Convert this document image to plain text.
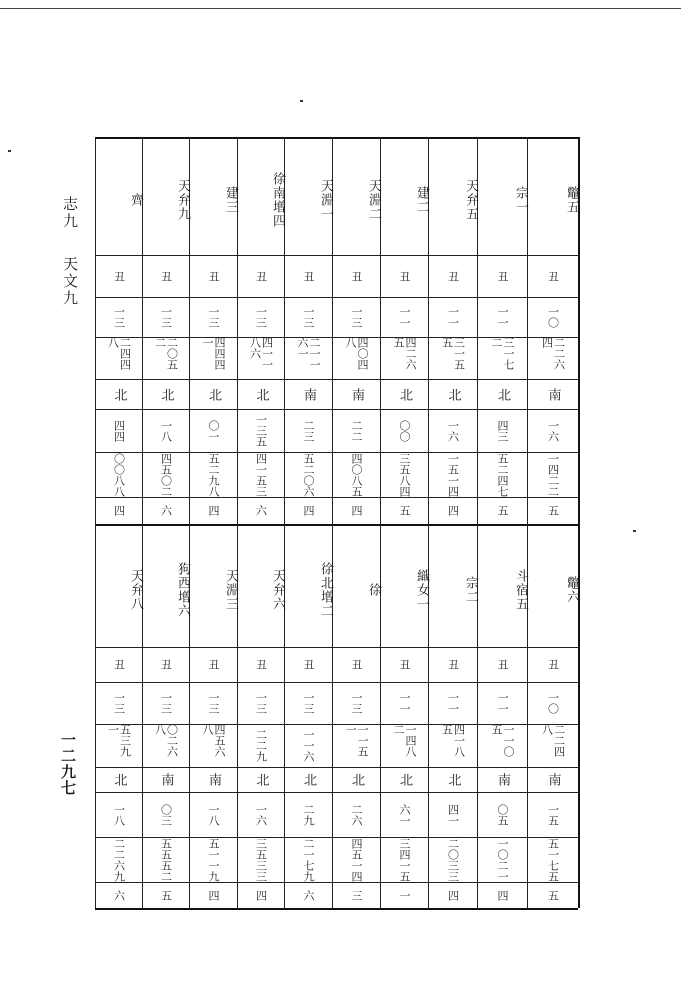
志九
天文九
一二九七
齊	天弁九	建三	徐南增四	天淵一	天淵二	建二	天弁五	宗一	鼈五
丑	丑	丑	丑	丑	丑	丑	丑	丑	丑
一三	一三	一三	一三	一三	一三	一一	一一	一一	一〇
二四四八	二〇五二	四四四一	四一一八六	二一一六一	四〇四八	四二六五	三一五五	三一七二	二二六四
北	北	北	北	南	南	北	北	北	南
四四	一八	〇一	一三五	二三	二二	〇〇	一六	四三	一六
〇〇八八	四五〇二	五二九八	四一五三	五二〇六	四〇八五	三五八四	一五一四	五二四七	一四二二
四	六	四	六	四	四	五	四	五	五
天弁八	狗西增六	天淵三	天弁六	徐北增二	徐	織女一	宗二	斗宿五	鼈六
丑	丑	丑	丑	丑	丑	丑	丑	丑	丑
一三	一三	一三	一三	一三	一三	一一	一一	一一	一〇
五三九一	〇二六八	四五六八	二二九	一一六	一一五一	一四八二	四一八五	一一〇五	二二四八
北	南	南	北	北	北	北	北	南	南
一八	〇三	一八	一六	二九	二六	六一	四一	〇五	一五
二二六九	五五五二	五一一九	三五三三	二一七九	四五一四	三四一五	二〇三三	一〇二一	五一七五
六	五	四	四	六	三	一	四	四	五
